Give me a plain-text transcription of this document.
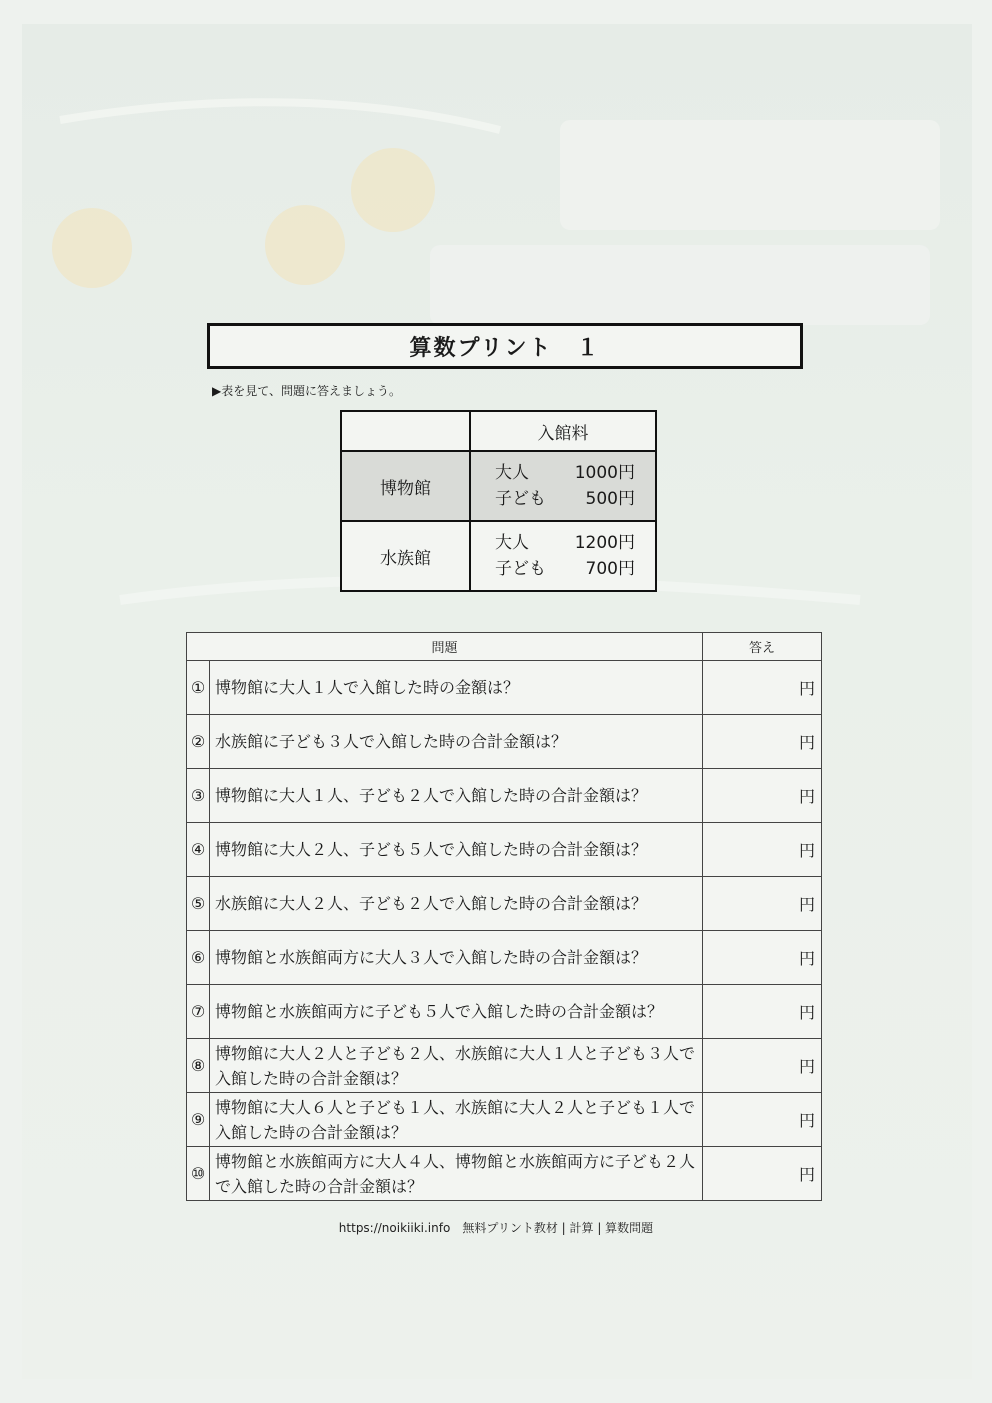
算数プリント　１
▶表を見て、問題に答えましょう。
	入館料
博物館	大人 1000円
子ども 500円

水族館	大人 1200円
子ども 700円
問題		答え
①	博物館に大人１人で入館した時の金額は？	円
②	水族館に子ども３人で入館した時の合計金額は？	円
③	博物館に大人１人、子ども２人で入館した時の合計金額は？	円
④	博物館に大人２人、子ども５人で入館した時の合計金額は？	円
⑤	水族館に大人２人、子ども２人で入館した時の合計金額は？	円
⑥	博物館と水族館両方に大人３人で入館した時の合計金額は？	円
⑦	博物館と水族館両方に子ども５人で入館した時の合計金額は？	円
⑧	博物館に大人２人と子ども２人、水族館に大人１人と子ども３人で入館した時の合計金額は？	円
⑨	博物館に大人６人と子ども１人、水族館に大人２人と子ども１人で入館した時の合計金額は？	円
⑩	博物館と水族館両方に大人４人、博物館と水族館両方に子ども２人で入館した時の合計金額は？	円
https://noikiiki.info　無料プリント教材 | 計算 | 算数問題
